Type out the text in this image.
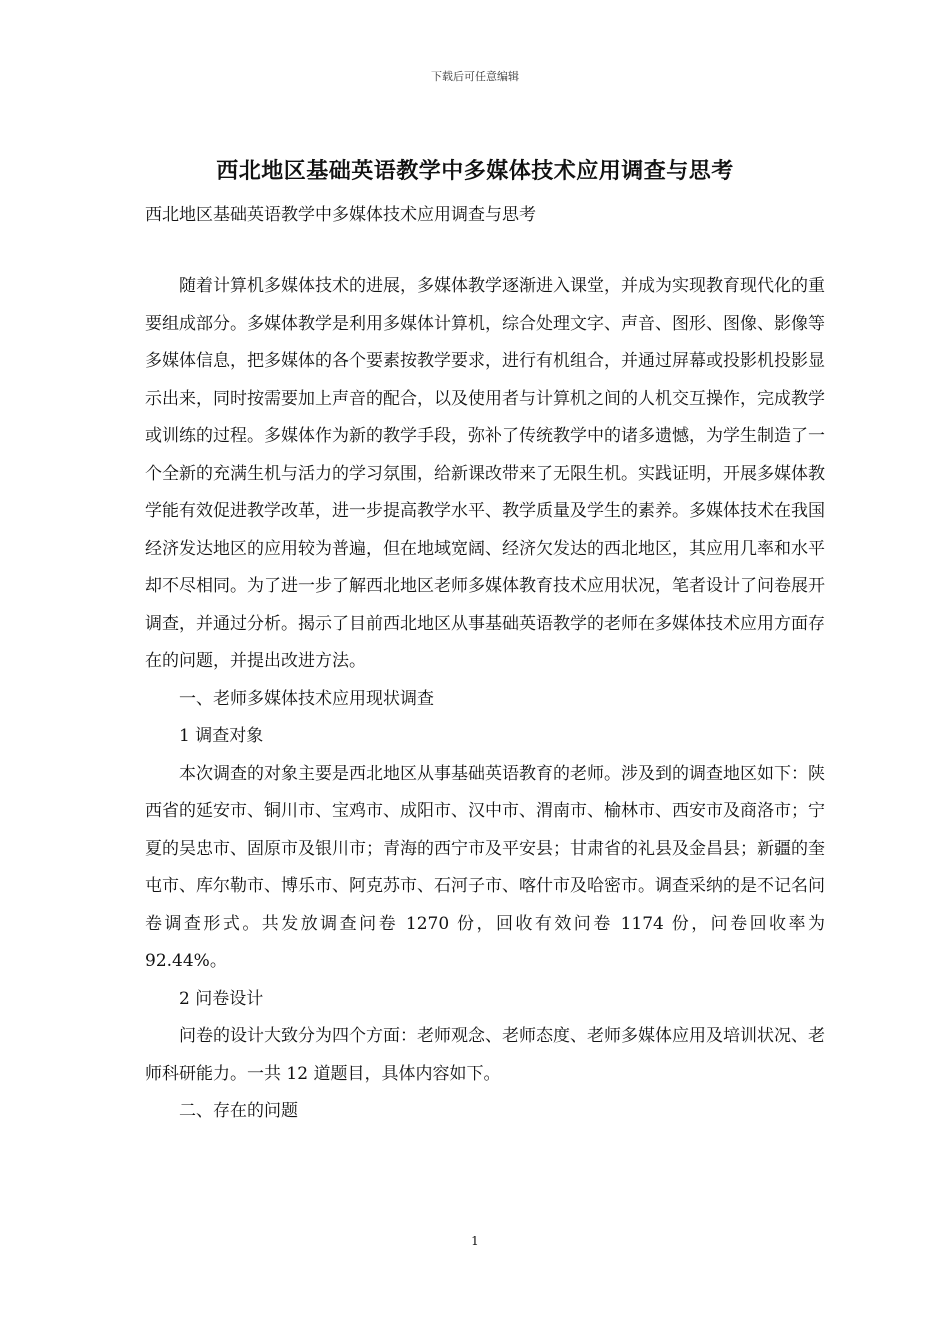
下载后可任意编辑
西北地区基础英语教学中多媒体技术应用调查与思考
西北地区基础英语教学中多媒体技术应用调查与思考

随着计算机多媒体技术的进展，多媒体教学逐渐进入课堂，并成为实现教育现代化的重要组成部分。多媒体教学是利用多媒体计算机，综合处理文字、声音、图形、图像、影像等多媒体信息，把多媒体的各个要素按教学要求，进行有机组合，并通过屏幕或投影机投影显示出来，同时按需要加上声音的配合，以及使用者与计算机之间的人机交互操作，完成教学或训练的过程。多媒体作为新的教学手段，弥补了传统教学中的诸多遗憾，为学生制造了一个全新的充满生机与活力的学习氛围，给新课改带来了无限生机。实践证明，开展多媒体教学能有效促进教学改革，进一步提高教学水平、教学质量及学生的素养。多媒体技术在我国经济发达地区的应用较为普遍，但在地域宽阔、经济欠发达的西北地区，其应用几率和水平却不尽相同。为了进一步了解西北地区老师多媒体教育技术应用状况，笔者设计了问卷展开调查，并通过分析。揭示了目前西北地区从事基础英语教学的老师在多媒体技术应用方面存在的问题，并提出改进方法。

一、老师多媒体技术应用现状调查

1 调查对象

本次调查的对象主要是西北地区从事基础英语教育的老师。涉及到的调查地区如下：陕西省的延安市、铜川市、宝鸡市、成阳市、汉中市、渭南市、榆林市、西安市及商洛市；宁夏的吴忠市、固原市及银川市；青海的西宁市及平安县；甘肃省的礼县及金昌县；新疆的奎屯市、库尔勒市、博乐市、阿克苏市、石河子市、喀什市及哈密市。调查采纳的是不记名问卷调查形式。共发放调查问卷 1270 份，回收有效问卷 1174 份，问卷回收率为 92.44%。

2 问卷设计

问卷的设计大致分为四个方面：老师观念、老师态度、老师多媒体应用及培训状况、老师科研能力。一共 12 道题目，具体内容如下。

二、存在的问题

1
